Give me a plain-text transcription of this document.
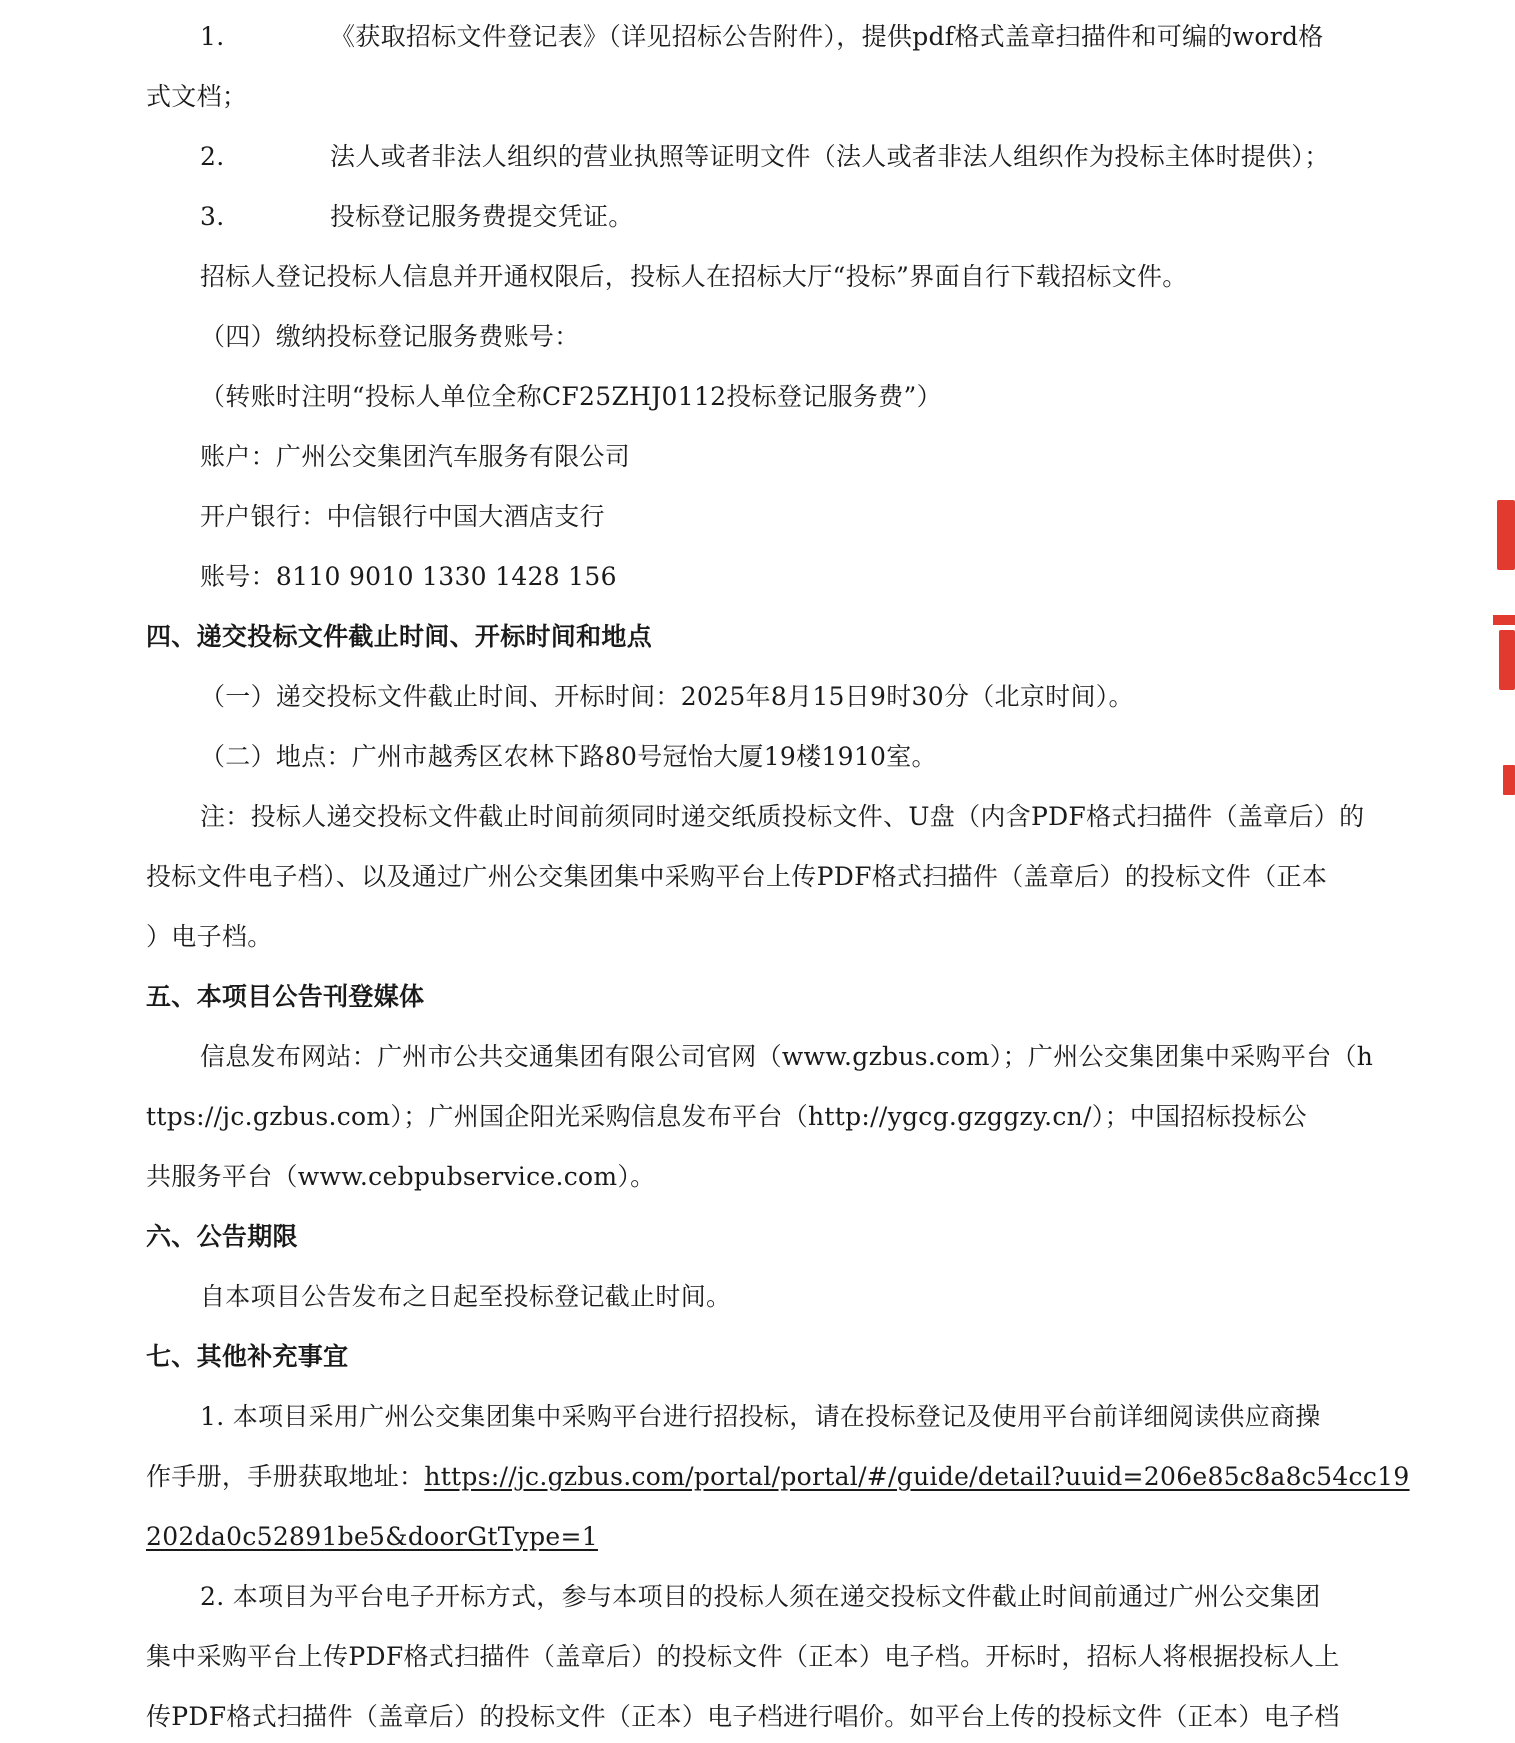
1.	《获取招标文件登记表》（详见招标公告附件），提供pdf格式盖章扫描件和可编的word格
式文档；
2.	法人或者非法人组织的营业执照等证明文件（法人或者非法人组织作为投标主体时提供）；
3.	投标登记服务费提交凭证。
招标人登记投标人信息并开通权限后，投标人在招标大厅“投标”界面自行下载招标文件。
（四）缴纳投标登记服务费账号：
（转账时注明“投标人单位全称CF25ZHJ0112投标登记服务费”）
账户：广州公交集团汽车服务有限公司
开户银行：中信银行中国大酒店支行
账号：8110 9010 1330 1428 156
四、递交投标文件截止时间、开标时间和地点
（一）递交投标文件截止时间、开标时间：2025年8月15日9时30分（北京时间）。
（二）地点：广州市越秀区农林下路80号冠怡大厦19楼1910室。
注：投标人递交投标文件截止时间前须同时递交纸质投标文件、U盘（内含PDF格式扫描件（盖章后）的
投标文件电子档）、以及通过广州公交集团集中采购平台上传PDF格式扫描件（盖章后）的投标文件（正本
）电子档。
五、本项目公告刊登媒体
信息发布网站：广州市公共交通集团有限公司官网（www.gzbus.com）；广州公交集团集中采购平台（h
ttps://jc.gzbus.com）；广州国企阳光采购信息发布平台（http://ygcg.gzggzy.cn/）；中国招标投标公
共服务平台（www.cebpubservice.com）。
六、公告期限
自本项目公告发布之日起至投标登记截止时间。
七、其他补充事宜
1. 本项目采用广州公交集团集中采购平台进行招投标，请在投标登记及使用平台前详细阅读供应商操
作手册，手册获取地址：https://jc.gzbus.com/portal/portal/#/guide/detail?uuid=206e85c8a8c54cc19
202da0c52891be5&doorGtType=1
2. 本项目为平台电子开标方式，参与本项目的投标人须在递交投标文件截止时间前通过广州公交集团
集中采购平台上传PDF格式扫描件（盖章后）的投标文件（正本）电子档。开标时，招标人将根据投标人上
传PDF格式扫描件（盖章后）的投标文件（正本）电子档进行唱价。如平台上传的投标文件（正本）电子档
